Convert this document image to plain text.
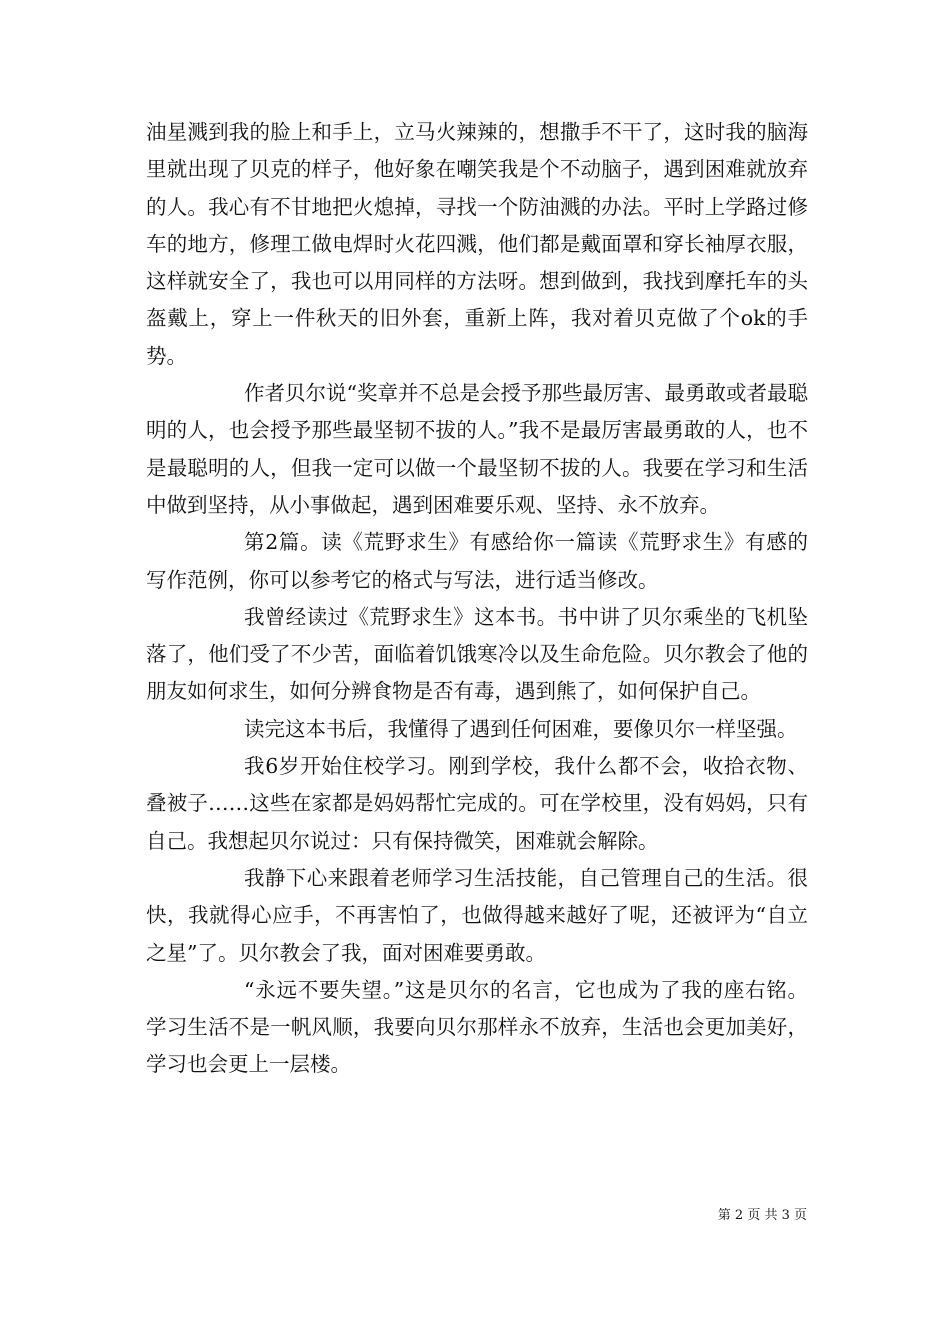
油星溅到我的脸上和手上，立马火辣辣的，想撒手不干了，这时我的脑海里就出现了贝克的样子，他好象在嘲笑我是个不动脑子，遇到困难就放弃的人。我心有不甘地把火熄掉，寻找一个防油溅的办法。平时上学路过修车的地方，修理工做电焊时火花四溅，他们都是戴面罩和穿长袖厚衣服，这样就安全了，我也可以用同样的方法呀。想到做到，我找到摩托车的头盔戴上，穿上一件秋天的旧外套，重新上阵，我对着贝克做了个ok的手势。

作者贝尔说“奖章并不总是会授予那些最厉害、最勇敢或者最聪明的人，也会授予那些最坚韧不拔的人。”我不是最厉害最勇敢的人，也不是最聪明的人，但我一定可以做一个最坚韧不拔的人。我要在学习和生活中做到坚持，从小事做起，遇到困难要乐观、坚持、永不放弃。

第2篇。读《荒野求生》有感给你一篇读《荒野求生》有感的写作范例，你可以参考它的格式与写法，进行适当修改。

我曾经读过《荒野求生》这本书。书中讲了贝尔乘坐的飞机坠落了，他们受了不少苦，面临着饥饿寒冷以及生命危险。贝尔教会了他的朋友如何求生，如何分辨食物是否有毒，遇到熊了，如何保护自己。

读完这本书后，我懂得了遇到任何困难，要像贝尔一样坚强。

我6岁开始住校学习。刚到学校，我什么都不会，收拾衣物、叠被子……这些在家都是妈妈帮忙完成的。可在学校里，没有妈妈，只有自己。我想起贝尔说过：只有保持微笑，困难就会解除。

我静下心来跟着老师学习生活技能，自己管理自己的生活。很快，我就得心应手，不再害怕了，也做得越来越好了呢，还被评为“自立之星”了。贝尔教会了我，面对困难要勇敢。

“永远不要失望。”这是贝尔的名言，它也成为了我的座右铭。学习生活不是一帆风顺，我要向贝尔那样永不放弃，生活也会更加美好，学习也会更上一层楼。

第 2 页 共 3 页
